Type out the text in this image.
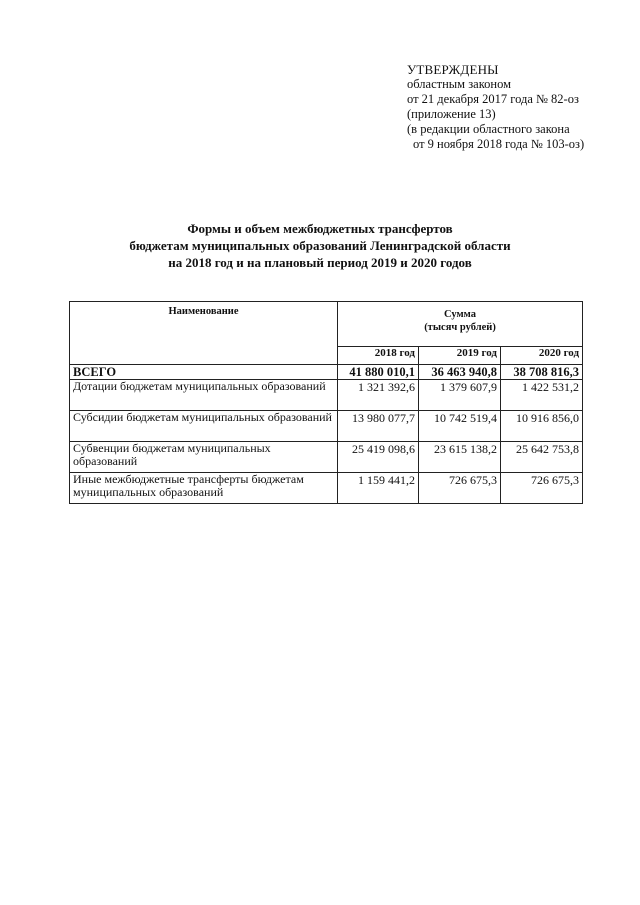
УТВЕРЖДЕНЫ
областным законом
от 21 декабря 2017 года № 82-оз
(приложение 13)
(в редакции областного закона
от 9 ноября 2018 года № 103-оз)
Формы и объем межбюджетных трансфертов
бюджетам муниципальных образований Ленинградской области
на 2018 год и на плановый период 2019 и 2020 годов
Наименование	Сумма
(тысяч рублей)		

	2018 год	2019 год	2020 год
ВСЕГО	41 880 010,1	36 463 940,8	38 708 816,3
Дотации бюджетам муниципальных образований	1 321 392,6	1 379 607,9	1 422 531,2
Субсидии бюджетам муниципальных образований	13 980 077,7	10 742 519,4	10 916 856,0
Субвенции бюджетам муниципальных образований	25 419 098,6	23 615 138,2	25 642 753,8
Иные межбюджетные трансферты бюджетам муниципальных образований	1 159 441,2	726 675,3	726 675,3
